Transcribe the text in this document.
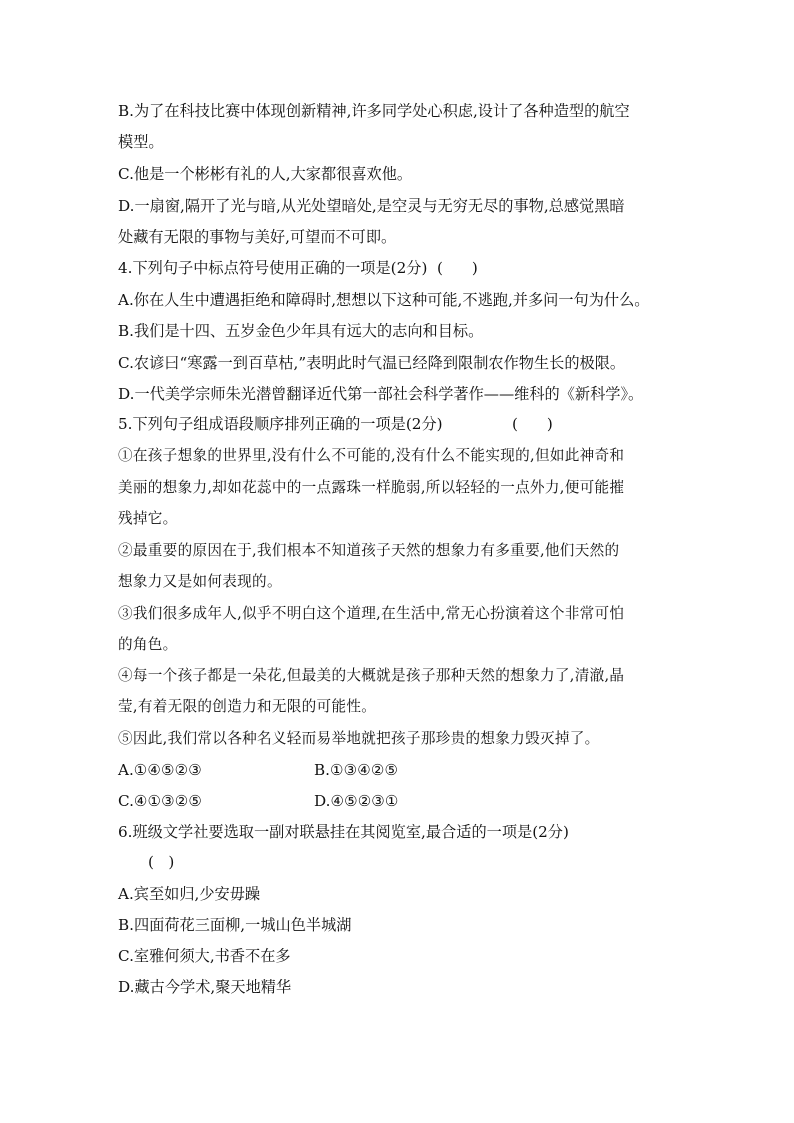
B.为了在科技比赛中体现创新精神,许多同学处心积虑,设计了各种造型的航空
模型。
C.他是一个彬彬有礼的人,大家都很喜欢他。
D.一扇窗,隔开了光与暗,从光处望暗处,是空灵与无穷无尽的事物,总感觉黑暗
处藏有无限的事物与美好,可望而不可即。
4.下列句子中标点符号使用正确的一项是(2分) (      )
A.你在人生中遭遇拒绝和障碍时,想想以下这种可能,不逃跑,并多问一句为什么。
B.我们是十四、五岁金色少年具有远大的志向和目标。
C.农谚曰“寒露一到百草枯,”表明此时气温已经降到限制农作物生长的极限。
D.一代美学宗师朱光潜曾翻译近代第一部社会科学著作——维科的《新科学》。
5.下列句子组成语段顺序排列正确的一项是(2分)	(      )
①在孩子想象的世界里,没有什么不可能的,没有什么不能实现的,但如此神奇和
美丽的想象力,却如花蕊中的一点露珠一样脆弱,所以轻轻的一点外力,便可能摧
残掉它。
②最重要的原因在于,我们根本不知道孩子天然的想象力有多重要,他们天然的
想象力又是如何表现的。
③我们很多成年人,似乎不明白这个道理,在生活中,常无心扮演着这个非常可怕
的角色。
④每一个孩子都是一朵花,但最美的大概就是孩子那种天然的想象力了,清澈,晶
莹,有着无限的创造力和无限的可能性。
⑤因此,我们常以各种名义轻而易举地就把孩子那珍贵的想象力毁灭掉了。
A.①④⑤②③	B.①③④②⑤
C.④①③②⑤	D.④⑤②③①
6.班级文学社要选取一副对联悬挂在其阅览室,最合适的一项是(2分)
(   )
A.宾至如归,少安毋躁
B.四面荷花三面柳,一城山色半城湖
C.室雅何须大,书香不在多
D.藏古今学术,聚天地精华
